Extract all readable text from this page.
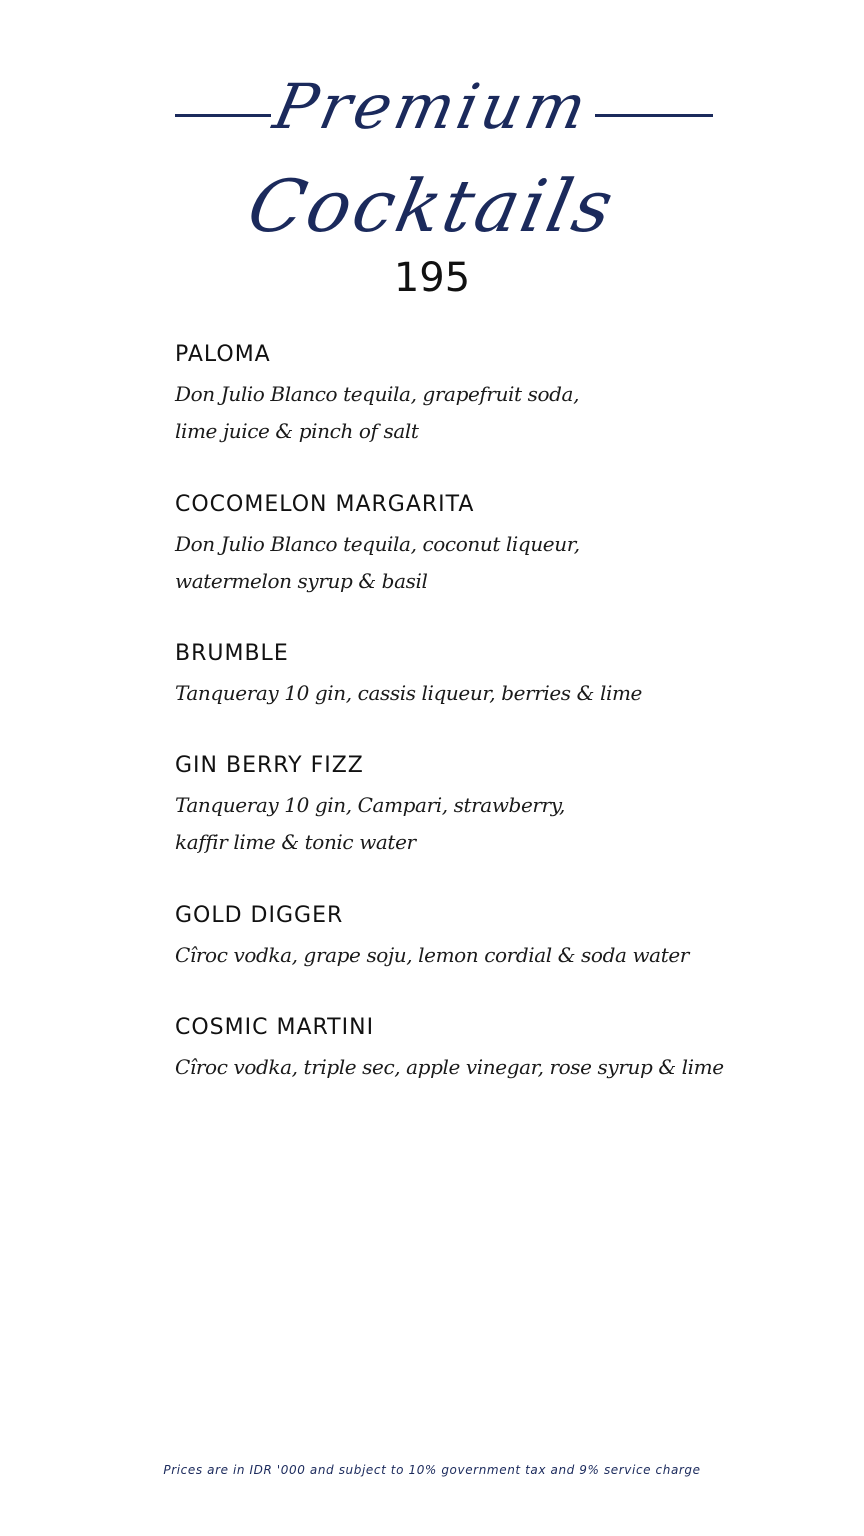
Premium
Cocktails
195
PALOMA
Don Julio Blanco tequila, grapefruit soda,
lime juice & pinch of salt
COCOMELON MARGARITA
Don Julio Blanco tequila, coconut liqueur,
watermelon syrup & basil
BRUMBLE
Tanqueray 10 gin, cassis liqueur, berries & lime
GIN BERRY FIZZ
Tanqueray 10 gin, Campari, strawberry,
kaffir lime & tonic water
GOLD DIGGER
Cîroc vodka, grape soju, lemon cordial & soda water
COSMIC MARTINI
Cîroc vodka, triple sec, apple vinegar, rose syrup & lime
Prices are in IDR '000 and subject to 10% government tax and 9% service charge
